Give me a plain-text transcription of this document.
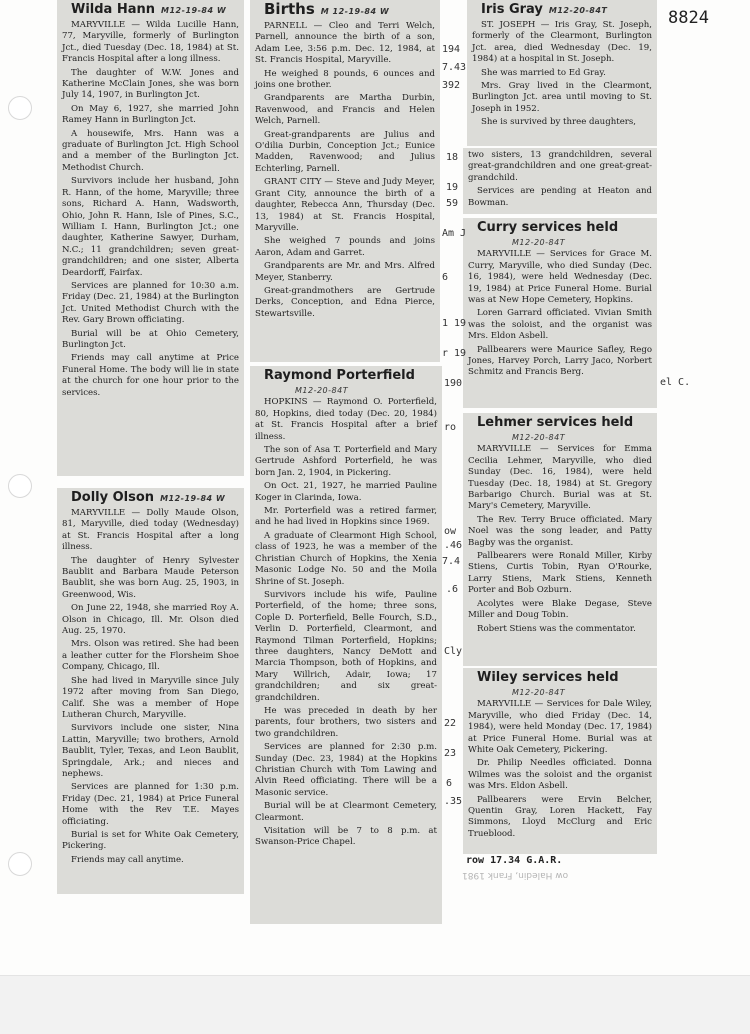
8824

Wilda Hann M12-19-84 W

MARYVILLE — Wilda Lucille Hann, 77, Maryville, formerly of Burlington Jct., died Tuesday (Dec. 18, 1984) at St. Francis Hospital after a long illness.

The daughter of W.W. Jones and Katherine McClain Jones, she was born July 14, 1907, in Burlington Jct.

On May 6, 1927, she married John Ramey Hann in Burlington Jct.

A housewife, Mrs. Hann was a graduate of Burlington Jct. High School and a member of the Burlington Jct. Methodist Church.

Survivors include her husband, John R. Hann, of the home, Maryville; three sons, Richard A. Hann, Wadsworth, Ohio, John R. Hann, Isle of Pines, S.C., William I. Hann, Burlington Jct.; one daughter, Katherine Sawyer, Durham, N.C.; 11 grandchildren; seven great-grandchildren; and one sister, Alberta Deardorff, Fairfax.

Services are planned for 10:30 a.m. Friday (Dec. 21, 1984) at the Burlington Jct. United Methodist Church with the Rev. Gary Brown officiating.

Burial will be at Ohio Cemetery, Burlington Jct.

Friends may call anytime at Price Funeral Home. The body will lie in state at the church for one hour prior to the services.

Dolly Olson M12-19-84 W

MARYVILLE — Dolly Maude Olson, 81, Maryville, died today (Wednesday) at St. Francis Hospital after a long illness.

The daughter of Henry Sylvester Baublit and Barbara Maude Peterson Baublit, she was born Aug. 25, 1903, in Greenwood, Wis.

On June 22, 1948, she married Roy A. Olson in Chicago, Ill. Mr. Olson died Aug. 25, 1970.

Mrs. Olson was retired. She had been a leather cutter for the Florsheim Shoe Company, Chicago, Ill.

She had lived in Maryville since July 1972 after moving from San Diego, Calif. She was a member of Hope Lutheran Church, Maryville.

Survivors include one sister, Nina Lattin, Maryville; two brothers, Arnold Baublit, Tyler, Texas, and Leon Baublit, Springdale, Ark.; and nieces and nephews.

Services are planned for 1:30 p.m. Friday (Dec. 21, 1984) at Price Funeral Home with the Rev T.E. Mayes officiating.

Burial is set for White Oak Cemetery, Pickering.

Friends may call anytime.

Births M 12-19-84 W

PARNELL — Cleo and Terri Welch, Parnell, announce the birth of a son, Adam Lee, 3:56 p.m. Dec. 12, 1984, at St. Francis Hospital, Maryville.

He weighed 8 pounds, 6 ounces and joins one brother.

Grandparents are Martha Durbin, Ravenwood, and Francis and Helen Welch, Parnell.

Great-grandparents are Julius and O'dilia Durbin, Conception Jct.; Eunice Madden, Ravenwood; and Julius Echterling, Parnell.

GRANT CITY — Steve and Judy Meyer, Grant City, announce the birth of a daughter, Rebecca Ann, Thursday (Dec. 13, 1984) at St. Francis Hospital, Maryville.

She weighed 7 pounds and joins Aaron, Adam and Garret.

Grandparents are Mr. and Mrs. Alfred Meyer, Stanberry.

Great-grandmothers are Gertrude Derks, Conception, and Edna Pierce, Stewartsville.

Raymond Porterfield

M12-20-84T

HOPKINS — Raymond O. Porterfield, 80, Hopkins, died today (Dec. 20, 1984) at St. Francis Hospital after a brief illness.

The son of Asa T. Porterfield and Mary Gertrude Ashford Porterfield, he was born Jan. 2, 1904, in Pickering.

On Oct. 21, 1927, he married Pauline Koger in Clarinda, Iowa.

Mr. Porterfield was a retired farmer, and he had lived in Hopkins since 1969.

A graduate of Clearmont High School, class of 1923, he was a member of the Christian Church of Hopkins, the Xenia Masonic Lodge No. 50 and the Moila Shrine of St. Joseph.

Survivors include his wife, Pauline Porterfield, of the home; three sons, Cople D. Porterfield, Belle Fourch, S.D., Verlin D. Porterfield, Clearmont, and Raymond Tilman Porterfield, Hopkins; three daughters, Nancy DeMott and Marcia Thompson, both of Hopkins, and Mary Willrich, Adair, Iowa; 17 grandchildren; and six great-grandchildren.

He was preceded in death by her parents, four brothers, two sisters and two grandchildren.

Services are planned for 2:30 p.m. Sunday (Dec. 23, 1984) at the Hopkins Christian Church with Tom Lawing and Alvin Reed officiating. There will be a Masonic service.

Burial will be at Clearmont Cemetery, Clearmont.

Visitation will be 7 to 8 p.m. at Swanson-Price Chapel.

Iris Gray M12-20-84T

ST. JOSEPH — Iris Gray, St. Joseph, formerly of the Clearmont, Burlington Jct. area, died Wednesday (Dec. 19, 1984) at a hospital in St. Joseph.

She was married to Ed Gray.

Mrs. Gray lived in the Clearmont, Burlington Jct. area until moving to St. Joseph in 1952.

She is survived by three daughters,

two sisters, 13 grandchildren, several great-grandchildren and one great-great-grandchild.

Services are pending at Heaton and Bowman.

Curry services held

M12-20-84T

MARYVILLE — Services for Grace M. Curry, Maryville, who died Sunday (Dec. 16, 1984), were held Wednesday (Dec. 19, 1984) at Price Funeral Home. Burial was at New Hope Cemetery, Hopkins.

Loren Garrard officiated. Vivian Smith was the soloist, and the organist was Mrs. Eldon Asbell.

Pallbearers were Maurice Safley, Rego Jones, Harvey Porch, Larry Jaco, Norbert Schmitz and Francis Berg.

Lehmer services held

M12-20-84T

MARYVILLE — Services for Emma Cecilia Lehmer, Maryville, who died Sunday (Dec. 16, 1984), were held Tuesday (Dec. 18, 1984) at St. Gregory Barbarigo Church. Burial was at St. Mary's Cemetery, Maryville.

The Rev. Terry Bruce officiated. Mary Noel was the song leader, and Patty Bagby was the organist.

Pallbearers were Ronald Miller, Kirby Stiens, Curtis Tobin, Ryan O'Rourke, Larry Stiens, Mark Stiens, Kenneth Porter and Bob Ozburn.

Acolytes were Blake Degase, Steve Miller and Doug Tobin.

Robert Stiens was the commentator.

Wiley services held

M12-20-84T

MARYVILLE — Services for Dale Wiley, Maryville, who died Friday (Dec. 14, 1984), were held Monday (Dec. 17, 1984) at Price Funeral Home. Burial was at White Oak Cemetery, Pickering.

Dr. Philip Needles officiated. Donna Wilmes was the soloist and the organist was Mrs. Eldon Asbell.

Pallbearers were Ervin Belcher, Quentin Gray, Loren Hackett, Fay Simmons, Lloyd McClurg and Eric Trueblood.

row 17.34 G.A.R.
194
7.43
392
18
19
59
Am J
6
1 19
r 19
190
ro
ow
.46
7.4
.6
Cly
22
23
6
.35
el C.
ow Haledin, Frank 1981
